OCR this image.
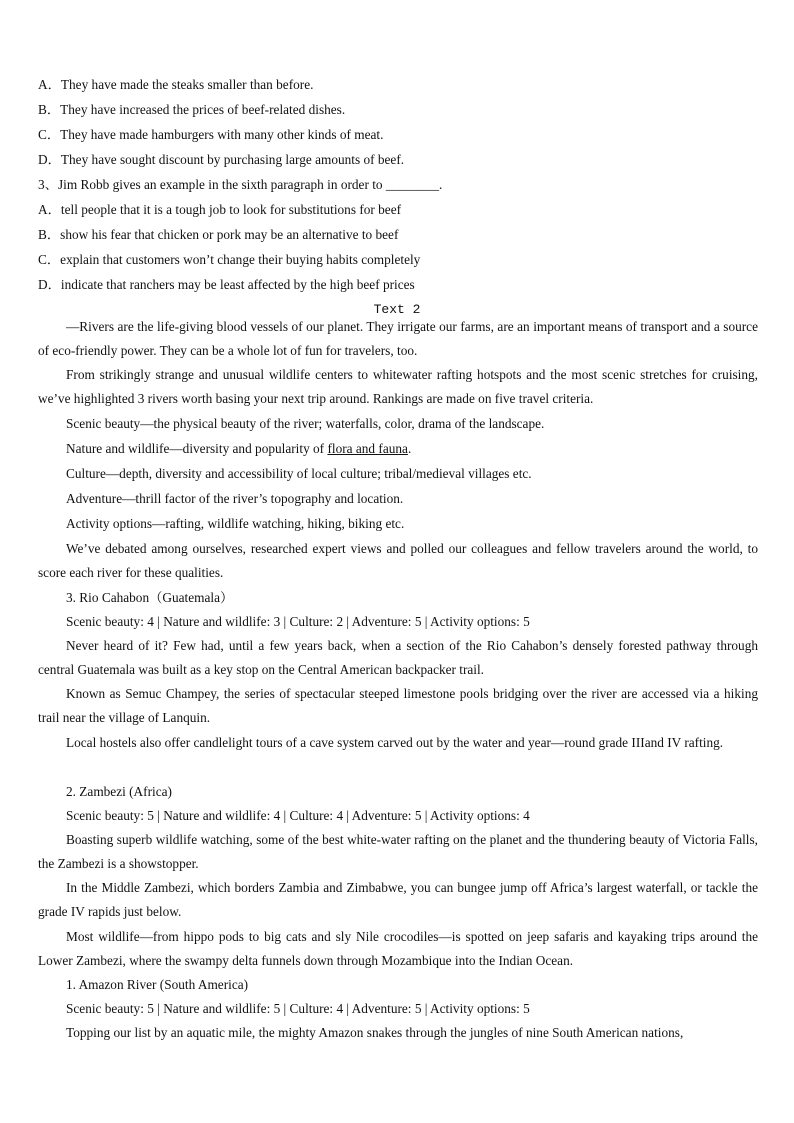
A．They have made the steaks smaller than before.
B．They have increased the prices of beef-related dishes.
C．They have made hamburgers with many other kinds of meat.
D．They have sought discount by purchasing large amounts of beef.
3、Jim Robb gives an example in the sixth paragraph in order to ________.
A．tell people that it is a tough job to look for substitutions for beef
B．show his fear that chicken or pork may be an alternative to beef
C．explain that customers won’t change their buying habits completely
D．indicate that ranchers may be least affected by the high beef prices
Text 2
—Rivers are the life-giving blood vessels of our planet. They irrigate our farms, are an important means of transport and a source of eco-friendly power. They can be a whole lot of fun for travelers, too.
From strikingly strange and unusual wildlife centers to whitewater rafting hotspots and the most scenic stretches for cruising, we’ve highlighted 3 rivers worth basing your next trip around. Rankings are made on five travel criteria.
Scenic beauty—the physical beauty of the river; waterfalls, color, drama of the landscape.
Nature and wildlife—diversity and popularity of flora and fauna.
Culture—depth, diversity and accessibility of local culture; tribal/medieval villages etc.
Adventure—thrill factor of the river’s topography and location.
Activity options—rafting, wildlife watching, hiking, biking etc.
We’ve debated among ourselves, researched expert views and polled our colleagues and fellow travelers around the world, to score each river for these qualities.
3. Rio Cahabon（Guatemala）
Scenic beauty: 4 | Nature and wildlife: 3 | Culture: 2 | Adventure: 5 | Activity options: 5
Never heard of it? Few had, until a few years back, when a section of the Rio Cahabon’s densely forested pathway through central Guatemala was built as a key stop on the Central American backpacker trail.
Known as Semuc Champey, the series of spectacular steeped limestone pools bridging over the river are accessed via a hiking trail near the village of Lanquin.
Local hostels also offer candlelight tours of a cave system carved out by the water and year—round grade IIIand IV rafting.
2. Zambezi (Africa)
Scenic beauty: 5 | Nature and wildlife: 4 | Culture: 4 | Adventure: 5 | Activity options: 4
Boasting superb wildlife watching, some of the best white-water rafting on the planet and the thundering beauty of Victoria Falls, the Zambezi is a showstopper.
In the Middle Zambezi, which borders Zambia and Zimbabwe, you can bungee jump off Africa’s largest waterfall, or tackle the grade IV rapids just below.
Most wildlife—from hippo pods to big cats and sly Nile crocodiles—is spotted on jeep safaris and kayaking trips around the Lower Zambezi, where the swampy delta funnels down through Mozambique into the Indian Ocean.
1. Amazon River (South America)
Scenic beauty: 5 | Nature and wildlife: 5 | Culture: 4 | Adventure: 5 | Activity options: 5
Topping our list by an aquatic mile, the mighty Amazon snakes through the jungles of nine South American nations,
